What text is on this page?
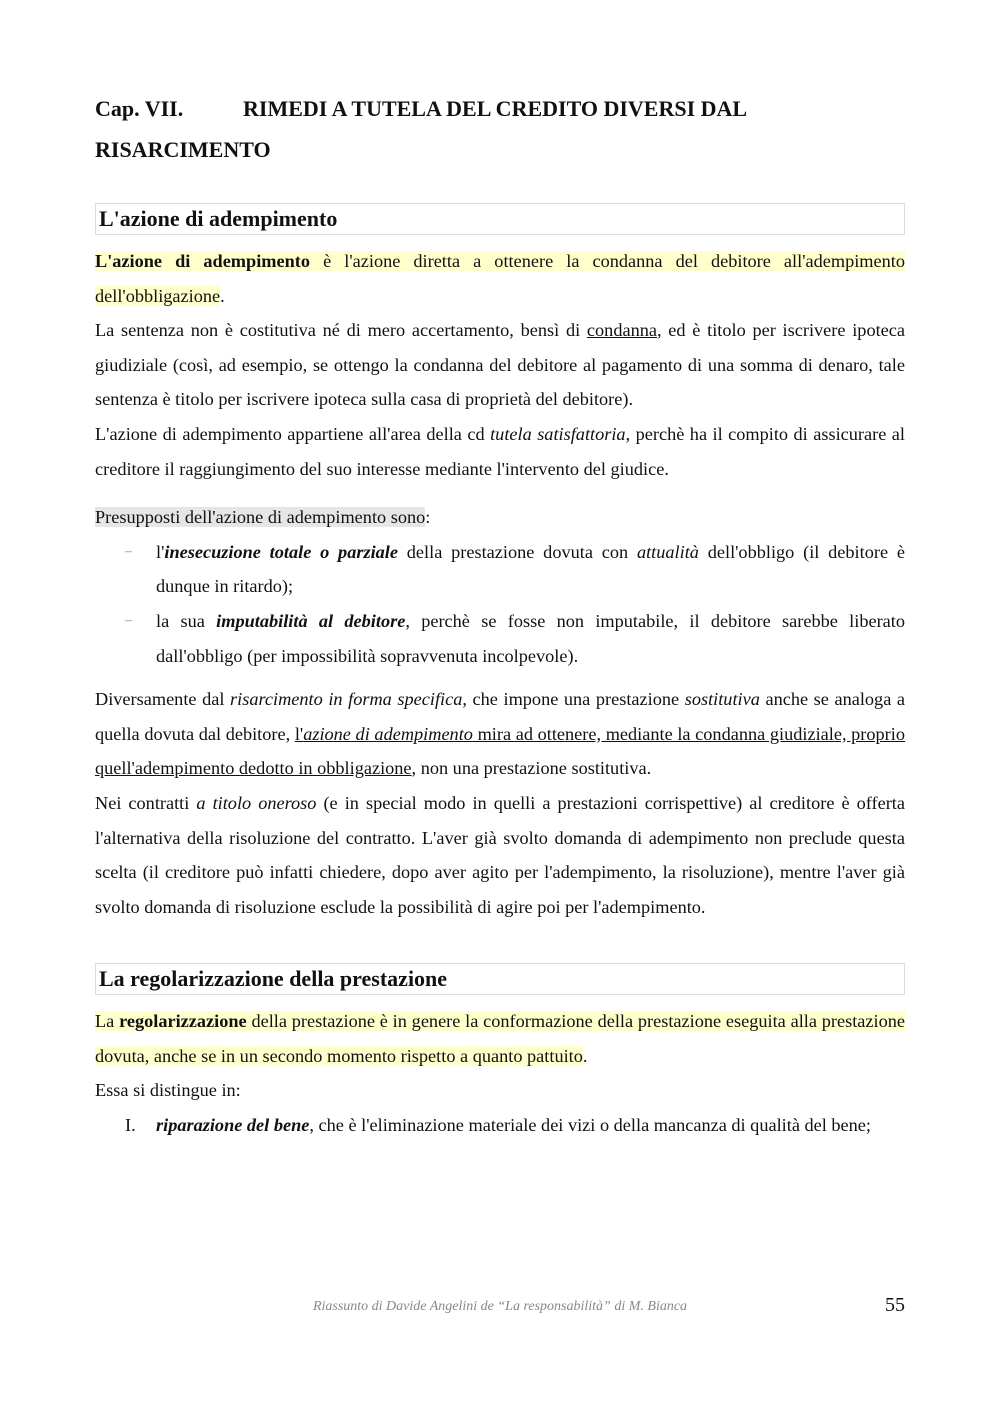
Cap. VII.	RIMEDI A TUTELA DEL CREDITO DIVERSI DAL
RISARCIMENTO
L'azione di adempimento

L'azione di adempimento è l'azione diretta a ottenere la condanna del debitore all'adempimento dell'obbligazione.

La sentenza non è costitutiva né di mero accertamento, bensì di condanna, ed è titolo per iscrivere ipoteca giudiziale (così, ad esempio, se ottengo la condanna del debitore al pagamento di una somma di denaro, tale sentenza è titolo per iscrivere ipoteca sulla casa di proprietà del debitore).

L'azione di adempimento appartiene all'area della cd tutela satisfattoria, perchè ha il compito di assicurare al creditore il raggiungimento del suo interesse mediante l'intervento del giudice.

Presupposti dell'azione di adempimento sono:

– l'inesecuzione totale o parziale della prestazione dovuta con attualità dell'obbligo (il debitore è dunque in ritardo);
– la sua imputabilità al debitore, perchè se fosse non imputabile, il debitore sarebbe liberato dall'obbligo (per impossibilità sopravvenuta incolpevole).

Diversamente dal risarcimento in forma specifica, che impone una prestazione sostitutiva anche se analoga a quella dovuta dal debitore, l'azione di adempimento mira ad ottenere, mediante la condanna giudiziale, proprio quell'adempimento dedotto in obbligazione, non una prestazione sostitutiva.

Nei contratti a titolo oneroso (e in special modo in quelli a prestazioni corrispettive) al creditore è offerta l'alternativa della risoluzione del contratto. L'aver già svolto domanda di adempimento non preclude questa scelta (il creditore può infatti chiedere, dopo aver agito per l'adempimento, la risoluzione), mentre l'aver già svolto domanda di risoluzione esclude la possibilità di agire poi per l'adempimento.

La regolarizzazione della prestazione

La regolarizzazione della prestazione è in genere la conformazione della prestazione eseguita alla prestazione dovuta, anche se in un secondo momento rispetto a quanto pattuito.

Essa si distingue in:

I. riparazione del bene, che è l'eliminazione materiale dei vizi o della mancanza di qualità del bene;
Riassunto di Davide Angelini de “La responsabilità” di M. Bianca	55
